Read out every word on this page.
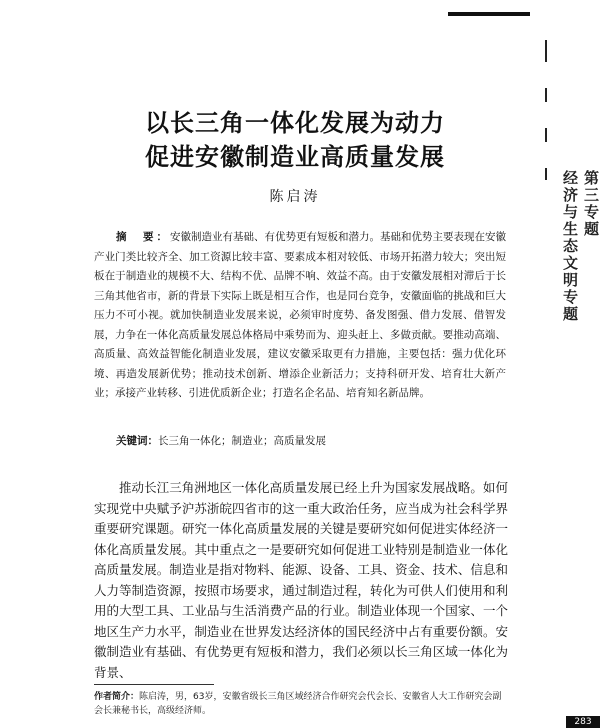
第三专题
经济与生态文明专题
以长三角一体化发展为动力
促进安徽制造业高质量发展
陈启涛
摘　要：安徽制造业有基础、有优势更有短板和潜力。基础和优势主要表现在安徽产业门类比较齐全、加工资源比较丰富、要素成本相对较低、市场开拓潜力较大；突出短板在于制造业的规模不大、结构不优、品牌不响、效益不高。由于安徽发展相对滞后于长三角其他省市，新的背景下实际上既是相互合作，也是同台竞争，安徽面临的挑战和巨大压力不可小视。就加快制造业发展来说，必须审时度势、备发图强、借力发展、借智发展，力争在一体化高质量发展总体格局中乘势而为、迎头赶上、多做贡献。要推动高端、高质量、高效益智能化制造业发展，建议安徽采取更有力措施，主要包括：强力优化环境、再造发展新优势；推动技术创新、增添企业新活力；支持科研开发、培育壮大新产业；承接产业转移、引进优质新企业；打造名企名品、培育知名新品牌。
关键词：长三角一体化；制造业；高质量发展
推动长江三角洲地区一体化高质量发展已经上升为国家发展战略。如何实现党中央赋予沪苏浙皖四省市的这一重大政治任务，应当成为社会科学界重要研究课题。研究一体化高质量发展的关键是要研究如何促进实体经济一体化高质量发展。其中重点之一是要研究如何促进工业特别是制造业一体化高质量发展。制造业是指对物料、能源、设备、工具、资金、技术、信息和人力等制造资源，按照市场要求，通过制造过程，转化为可供人们使用和利用的大型工具、工业品与生活消费产品的行业。制造业体现一个国家、一个地区生产力水平，制造业在世界发达经济体的国民经济中占有重要份额。安徽制造业有基础、有优势更有短板和潜力，我们必须以长三角区域一体化为背景、
作者简介：陈启涛，男，63岁，安徽省级长三角区域经济合作研究会代会长、安徽省人大工作研究会副会长兼秘书长，高级经济师。
283
